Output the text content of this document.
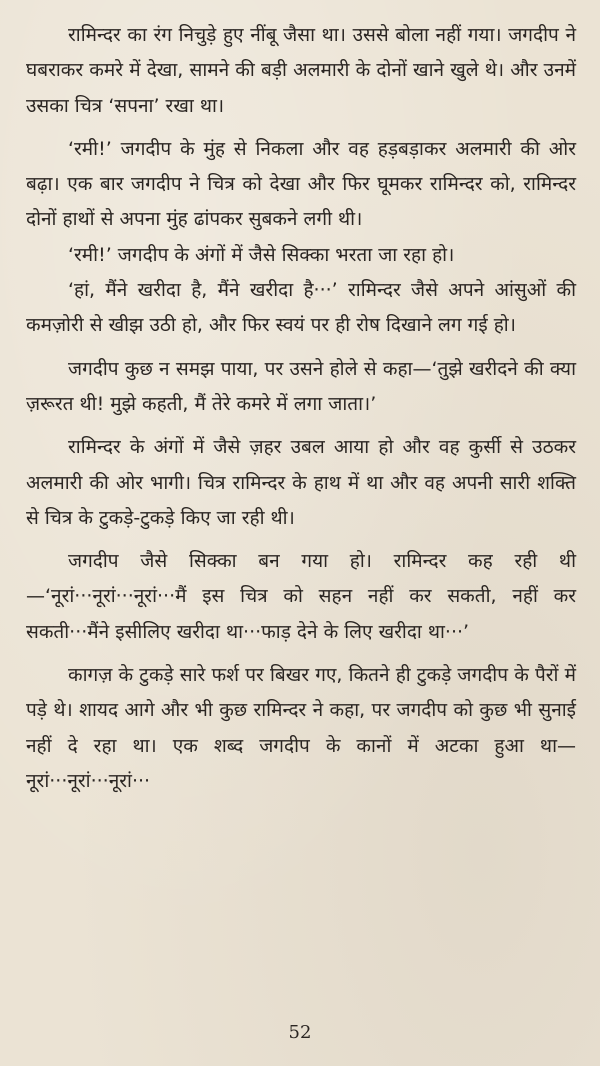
रामिन्दर का रंग निचुड़े हुए नींबू जैसा था। उससे बोला नहीं गया। जगदीप ने घबराकर कमरे में देखा, सामने की बड़ी अलमारी के दोनों खाने खुले थे। और उनमें उसका चित्र ‘सपना’ रखा था।

‘रमी!’ जगदीप के मुंह से निकला और वह हड़बड़ाकर अलमारी की ओर बढ़ा। एक बार जगदीप ने चित्र को देखा और फिर घूमकर रामिन्दर को, रामिन्दर दोनों हाथों से अपना मुंह ढांपकर सुबकने लगी थी।

‘रमी!’ जगदीप के अंगों में जैसे सिक्का भरता जा रहा हो।

‘हां, मैंने खरीदा है, मैंने खरीदा है···’ रामिन्दर जैसे अपने आंसुओं की कमज़ोरी से खीझ उठी हो, और फिर स्वयं पर ही रोष दिखाने लग गई हो।

जगदीप कुछ न समझ पाया, पर उसने होले से कहा—‘तुझे खरीदने की क्या ज़रूरत थी! मुझे कहती, मैं तेरे कमरे में लगा जाता।’

रामिन्दर के अंगों में जैसे ज़हर उबल आया हो और वह कुर्सी से उठकर अलमारी की ओर भागी। चित्र रामिन्दर के हाथ में था और वह अपनी सारी शक्ति से चित्र के टुकड़े-टुकड़े किए जा रही थी।

जगदीप जैसे सिक्का बन गया हो। रामिन्दर कह रही थी—‘नूरां···नूरां···नूरां···मैं इस चित्र को सहन नहीं कर सकती, नहीं कर सकती···मैंने इसीलिए खरीदा था···फाड़ देने के लिए खरीदा था···’

कागज़ के टुकड़े सारे फर्श पर बिखर गए, कितने ही टुकड़े जगदीप के पैरों में पड़े थे। शायद आगे और भी कुछ रामिन्दर ने कहा, पर जगदीप को कुछ भी सुनाई नहीं दे रहा था। एक शब्द जगदीप के कानों में अटका हुआ था—नूरां···नूरां···नूरां···

52
